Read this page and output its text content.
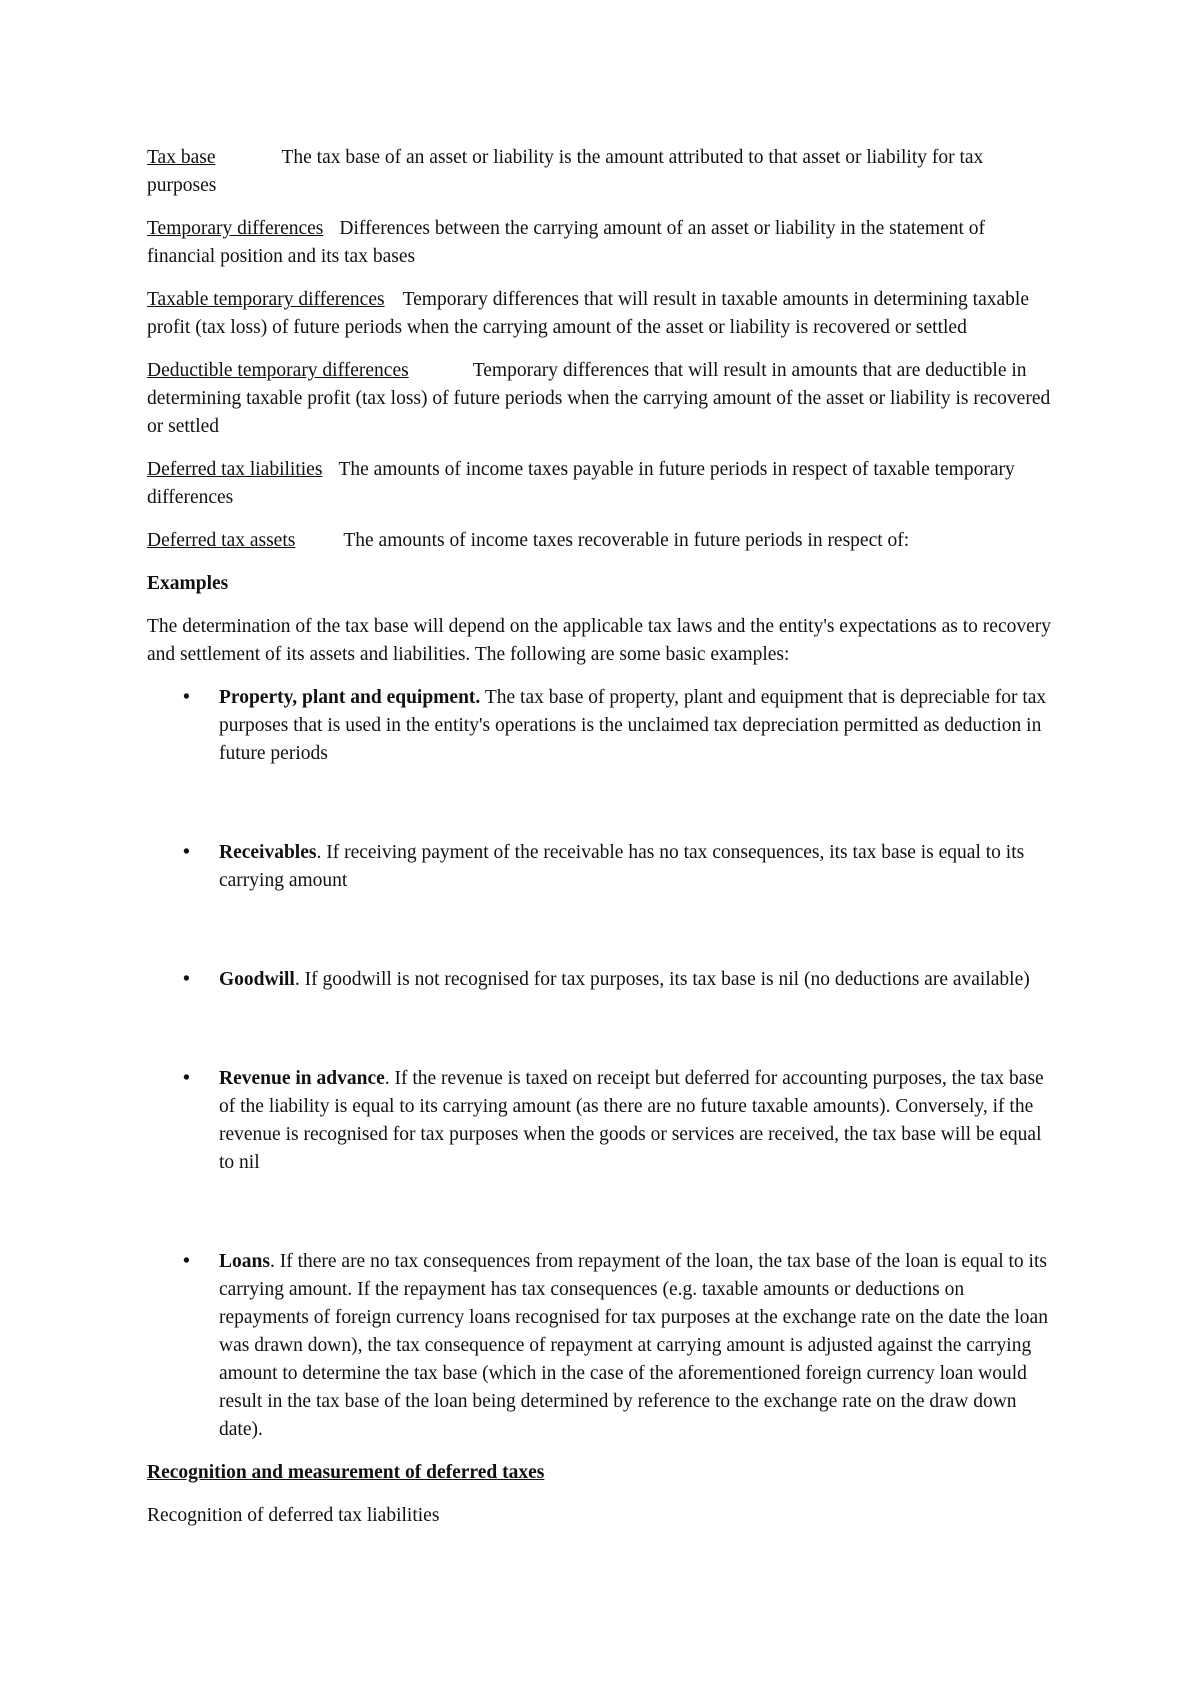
Tax base	The tax base of an asset or liability is the amount attributed to that asset or liability for tax purposes

Temporary differences Differences between the carrying amount of an asset or liability in the statement of financial position and its tax bases

Taxable temporary differences Temporary differences that will result in taxable amounts in determining taxable profit (tax loss) of future periods when the carrying amount of the asset or liability is recovered or settled

Deductible temporary differences	Temporary differences that will result in amounts that are deductible in determining taxable profit (tax loss) of future periods when the carrying amount of the asset or liability is recovered or settled

Deferred tax liabilities The amounts of income taxes payable in future periods in respect of taxable temporary differences

Deferred tax assets The amounts of income taxes recoverable in future periods in respect of:

Examples

The determination of the tax base will depend on the applicable tax laws and the entity's expectations as to recovery and settlement of its assets and liabilities. The following are some basic examples:

• Property, plant and equipment. The tax base of property, plant and equipment that is depreciable for tax purposes that is used in the entity's operations is the unclaimed tax depreciation permitted as deduction in future periods
• Receivables. If receiving payment of the receivable has no tax consequences, its tax base is equal to its carrying amount
• Goodwill. If goodwill is not recognised for tax purposes, its tax base is nil (no deductions are available)
• Revenue in advance. If the revenue is taxed on receipt but deferred for accounting purposes, the tax base of the liability is equal to its carrying amount (as there are no future taxable amounts). Conversely, if the revenue is recognised for tax purposes when the goods or services are received, the tax base will be equal to nil
• Loans. If there are no tax consequences from repayment of the loan, the tax base of the loan is equal to its carrying amount. If the repayment has tax consequences (e.g. taxable amounts or deductions on repayments of foreign currency loans recognised for tax purposes at the exchange rate on the date the loan was drawn down), the tax consequence of repayment at carrying amount is adjusted against the carrying amount to determine the tax base (which in the case of the aforementioned foreign currency loan would result in the tax base of the loan being determined by reference to the exchange rate on the draw down date).

Recognition and measurement of deferred taxes

Recognition of deferred tax liabilities
